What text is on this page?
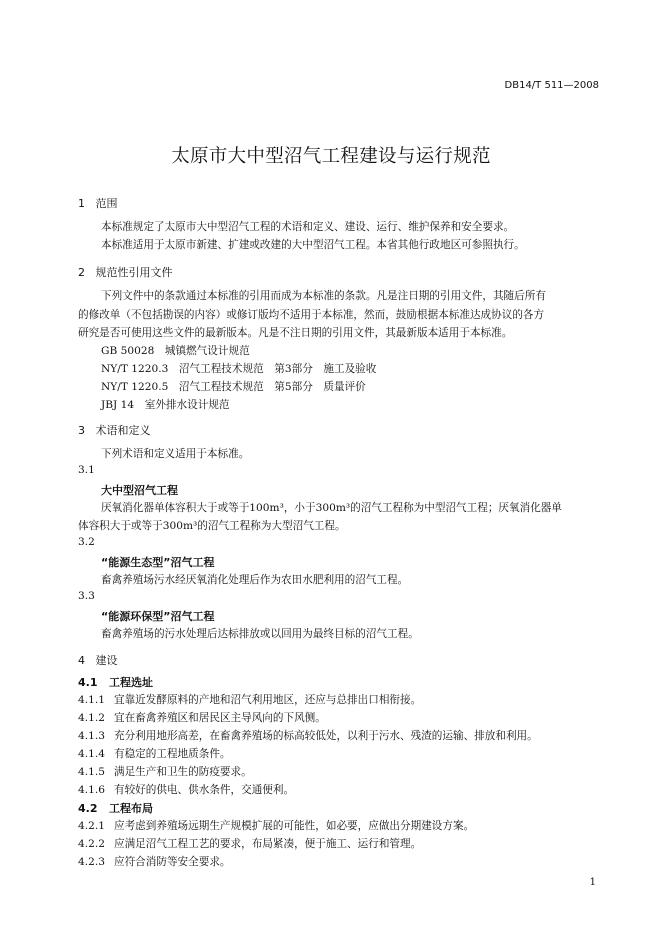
DB14/T 511—2008
太原市大中型沼气工程建设与运行规范
1 范围
本标准规定了太原市大中型沼气工程的术语和定义、建设、运行、维护保养和安全要求。
本标准适用于太原市新建、扩建或改建的大中型沼气工程。本省其他行政地区可参照执行。
2 规范性引用文件
下列文件中的条款通过本标准的引用而成为本标准的条款。凡是注日期的引用文件，其随后所有
的修改单（不包括勘误的内容）或修订版均不适用于本标准，然而，鼓励根据本标准达成协议的各方
研究是否可使用这些文件的最新版本。凡是不注日期的引用文件，其最新版本适用于本标准。
GB 50028　城镇燃气设计规范
NY/T 1220.3　沼气工程技术规范　第3部分　施工及验收
NY/T 1220.5　沼气工程技术规范　第5部分　质量评价
JBJ 14　室外排水设计规范
3 术语和定义
下列术语和定义适用于本标准。
3.1
大中型沼气工程
厌氧消化器单体容积大于或等于100m³，小于300m³的沼气工程称为中型沼气工程；厌氧消化器单
体容积大于或等于300m³的沼气工程称为大型沼气工程。
3.2
“能源生态型”沼气工程
畜禽养殖场污水经厌氧消化处理后作为农田水肥利用的沼气工程。
3.3
“能源环保型”沼气工程
畜禽养殖场的污水处理后达标排放或以回用为最终目标的沼气工程。
4 建设
4.1 工程选址
4.1.1 宜靠近发酵原料的产地和沼气利用地区，还应与总排出口相衔接。
4.1.2 宜在畜禽养殖区和居民区主导风向的下风侧。
4.1.3 充分利用地形高差，在畜禽养殖场的标高较低处，以利于污水、残渣的运输、排放和利用。
4.1.4 有稳定的工程地质条件。
4.1.5 满足生产和卫生的防疫要求。
4.1.6 有较好的供电、供水条件，交通便利。
4.2 工程布局
4.2.1 应考虑到养殖场远期生产规模扩展的可能性，如必要，应做出分期建设方案。
4.2.2 应满足沼气工程工艺的要求，布局紧凑，便于施工、运行和管理。
4.2.3 应符合消防等安全要求。
1
